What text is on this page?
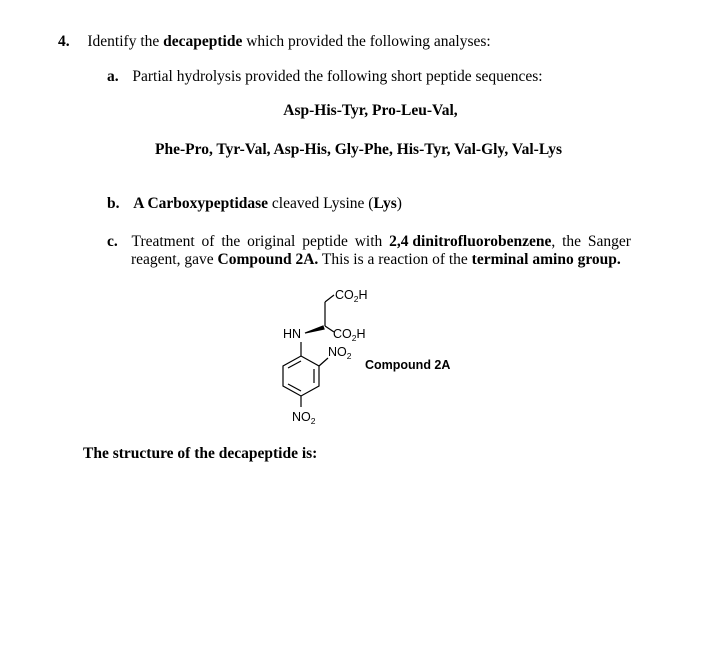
4. Identify the decapeptide which provided the following analyses:
a. Partial hydrolysis provided the following short peptide sequences:
Asp-His-Tyr, Pro-Leu-Val,
Phe-Pro, Tyr-Val, Asp-His, Gly-Phe, His-Tyr, Val-Gly, Val-Lys
b. A Carboxypeptidase cleaved Lysine (Lys)
c. Treatment of the original peptide with 2,4 dinitrofluorobenzene, the Sanger
reagent, gave Compound 2A. This is a reaction of the terminal amino group.
$CO_2H$
HN	$CO_2H$
$NO_2$
$NO_2$
Compound 2A
The structure of the decapeptide is:
